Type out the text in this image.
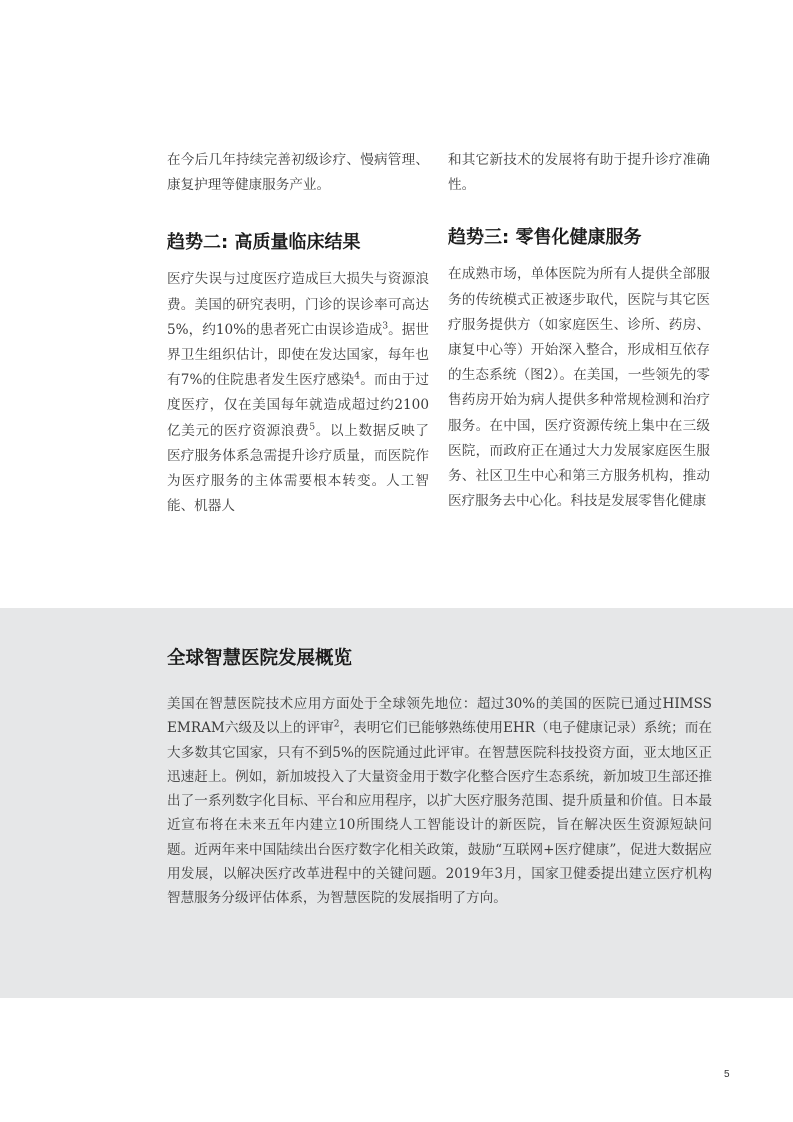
在今后几年持续完善初级诊疗、慢病管理、康复护理等健康服务产业。

趋势二: 高质量临床结果

医疗失误与过度医疗造成巨大损失与资源浪费。美国的研究表明，门诊的误诊率可高达5%，约10%的患者死亡由误诊造成$^3$。据世界卫生组织估计，即使在发达国家，每年也有7%的住院患者发生医疗感染$^4$。而由于过度医疗，仅在美国每年就造成超过约2100亿美元的医疗资源浪费$^5$。以上数据反映了医疗服务体系急需提升诊疗质量，而医院作为医疗服务的主体需要根本转变。人工智能、机器人

和其它新技术的发展将有助于提升诊疗准确性。

趋势三: 零售化健康服务

在成熟市场，单体医院为所有人提供全部服务的传统模式正被逐步取代，医院与其它医疗服务提供方（如家庭医生、诊所、药房、康复中心等）开始深入整合，形成相互依存的生态系统（图2）。在美国，一些领先的零售药房开始为病人提供多种常规检测和治疗服务。在中国，医疗资源传统上集中在三级医院，而政府正在通过大力发展家庭医生服务、社区卫生中心和第三方服务机构，推动医疗服务去中心化。科技是发展零售化健康

全球智慧医院发展概览

美国在智慧医院技术应用方面处于全球领先地位：超过30%的美国的医院已通过HIMSS EMRAM六级及以上的评审$^2$，表明它们已能够熟练使用EHR（电子健康记录）系统；而在大多数其它国家，只有不到5%的医院通过此评审。在智慧医院科技投资方面，亚太地区正迅速赶上。例如，新加坡投入了大量资金用于数字化整合医疗生态系统，新加坡卫生部还推出了一系列数字化目标、平台和应用程序，以扩大医疗服务范围、提升质量和价值。日本最近宣布将在未来五年内建立10所围绕人工智能设计的新医院，旨在解决医生资源短缺问题。近两年来中国陆续出台医疗数字化相关政策，鼓励“互联网+医疗健康”，促进大数据应用发展，以解决医疗改革进程中的关键问题。2019年3月，国家卫健委提出建立医疗机构智慧服务分级评估体系，为智慧医院的发展指明了方向。

5
